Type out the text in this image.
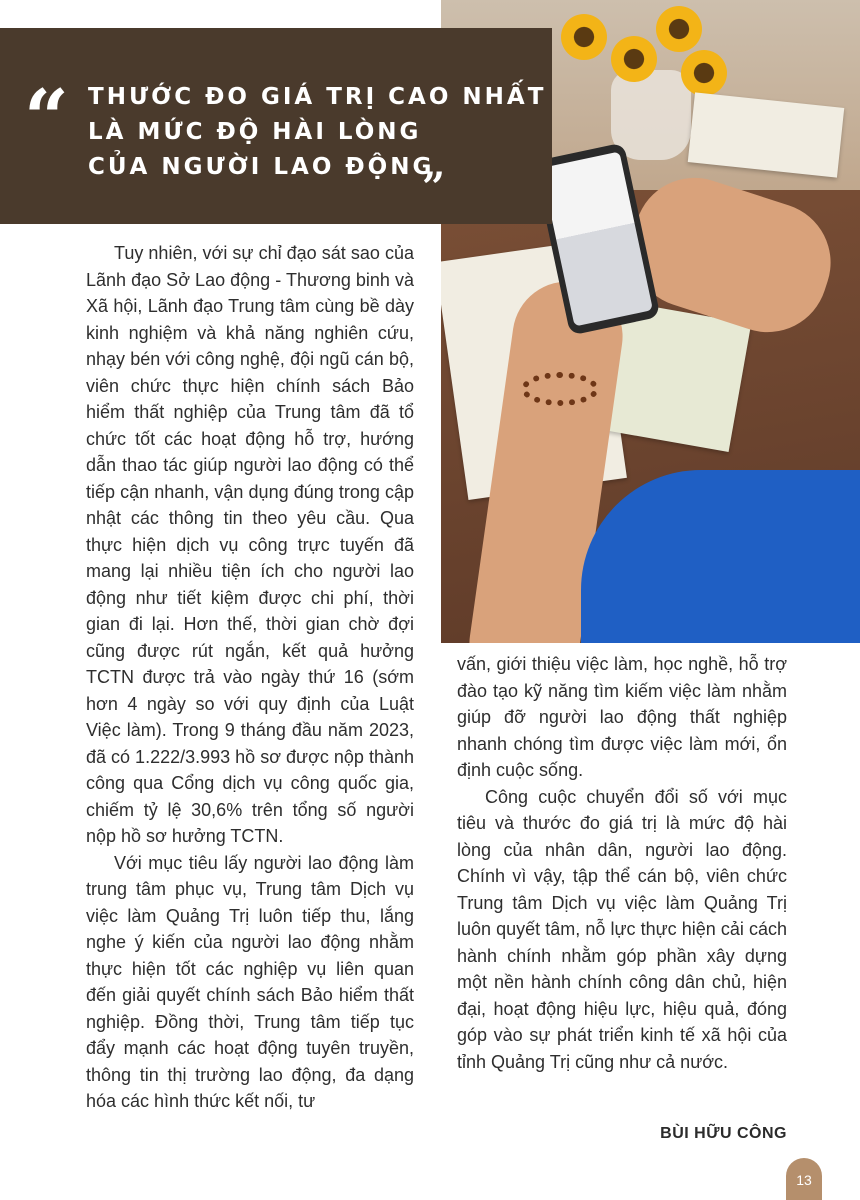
“ THƯỚC ĐO GIÁ TRỊ CAO NHẤT
LÀ MỨC ĐỘ HÀI LÒNG
CỦA NGƯỜI LAO ĐỘNG
”

Tuy nhiên, với sự chỉ đạo sát sao của Lãnh đạo Sở Lao động - Thương binh và Xã hội, Lãnh đạo Trung tâm cùng bề dày kinh nghiệm và khả năng nghiên cứu, nhạy bén với công nghệ, đội ngũ cán bộ, viên chức thực hiện chính sách Bảo hiểm thất nghiệp của Trung tâm đã tổ chức tốt các hoạt động hỗ trợ, hướng dẫn thao tác giúp người lao động có thể tiếp cận nhanh, vận dụng đúng trong cập nhật các thông tin theo yêu cầu. Qua thực hiện dịch vụ công trực tuyến đã mang lại nhiều tiện ích cho người lao động như tiết kiệm được chi phí, thời gian đi lại. Hơn thế, thời gian chờ đợi cũng được rút ngắn, kết quả hưởng TCTN được trả vào ngày thứ 16 (sớm hơn 4 ngày so với quy định của Luật Việc làm). Trong 9 tháng đầu năm 2023, đã có 1.222/3.993 hồ sơ được nộp thành công qua Cổng dịch vụ công quốc gia, chiếm tỷ lệ 30,6% trên tổng số người nộp hồ sơ hưởng TCTN.

Với mục tiêu lấy người lao động làm trung tâm phục vụ, Trung tâm Dịch vụ việc làm Quảng Trị luôn tiếp thu, lắng nghe ý kiến của người lao động nhằm thực hiện tốt các nghiệp vụ liên quan đến giải quyết chính sách Bảo hiểm thất nghiệp. Đồng thời, Trung tâm tiếp tục đẩy mạnh các hoạt động tuyên truyền, thông tin thị trường lao động, đa dạng hóa các hình thức kết nối, tư

vấn, giới thiệu việc làm, học nghề, hỗ trợ đào tạo kỹ năng tìm kiếm việc làm nhằm giúp đỡ người lao động thất nghiệp nhanh chóng tìm được việc làm mới, ổn định cuộc sống.

Công cuộc chuyển đổi số với mục tiêu và thước đo giá trị là mức độ hài lòng của nhân dân, người lao động. Chính vì vậy, tập thể cán bộ, viên chức Trung tâm Dịch vụ việc làm Quảng Trị luôn quyết tâm, nỗ lực thực hiện cải cách hành chính nhằm góp phần xây dựng một nền hành chính công dân chủ, hiện đại, hoạt động hiệu lực, hiệu quả, đóng góp vào sự phát triển kinh tế xã hội của tỉnh Quảng Trị cũng như cả nước.

BÙI HỮU CÔNG
13
